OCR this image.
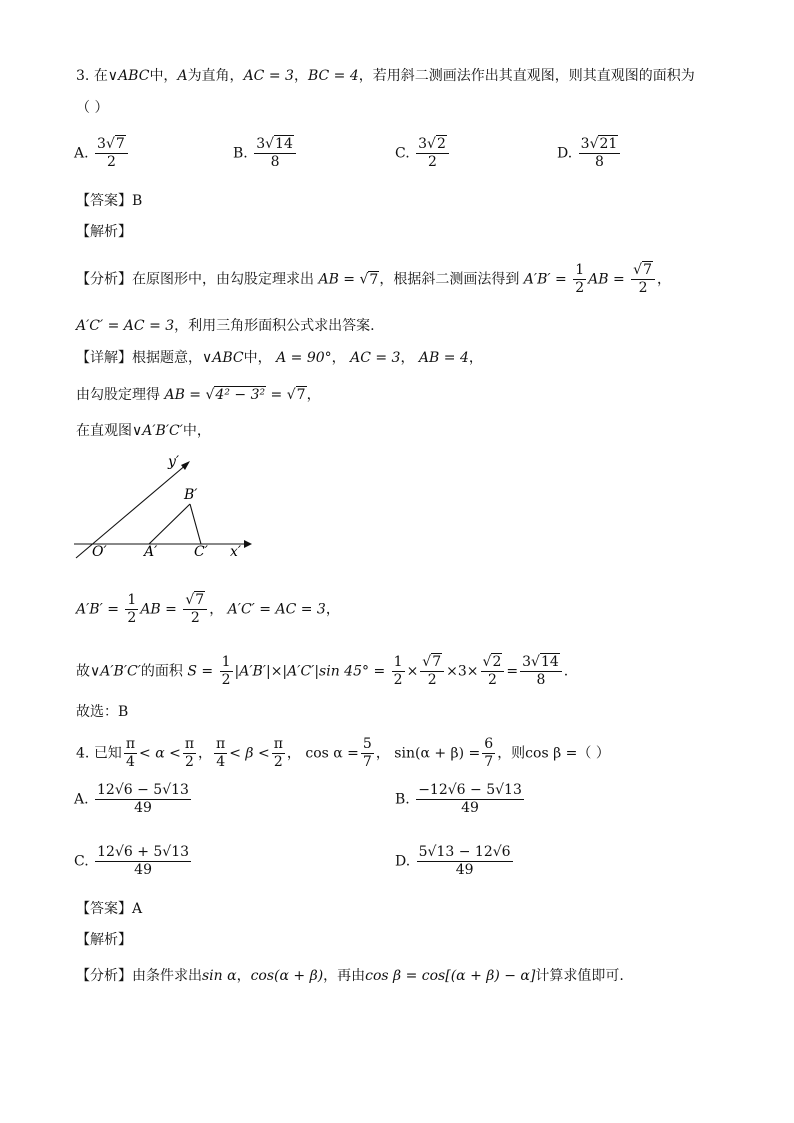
3. 在∨ABC中，A为直角，AC = 3，BC = 4，若用斜二测画法作出其直观图，则其直观图的面积为
（ ）
A. $\frac{3√7}{2}$	B. $\frac{3√14}{8}$	C. $\frac{3√2}{2}$	D. $\frac{3√21}{8}$
【答案】B
【解析】
【分析】在原图形中，由勾股定理求出 AB = √7，根据斜二测画法得到 $A'B' = \frac{1}{2}$ AB = $\frac{√7}{2}$ ，
A′C′ = AC = 3，利用三角形面积公式求出答案.
【详解】根据题意，∨ABC中， A = 90°， AC = 3， AB = 4，
由勾股定理得 AB = √4² − 3² = √7，
在直观图∨A′B′C′中，
y′
x′
O′	A′
B′
C′
$A'B' = \frac{1}{2}$ AB = $\frac{√7}{2}$ ， A′C′ = AC = 3，
故∨A′B′C′的面积 $S = \frac{1}{2} |A'B'|\times|A'C'|\sin$ $45^\circ = \frac{1}{2} \times \frac{√7}{2} \times 3\times \frac{√2}{2} = \frac{3√14}{8}$ .
故选：B
4. 已知 $\frac{\pi}{4} < \alpha < \frac{\pi}{2}$ ， $\frac{\pi}{4} < \beta < \frac{\pi}{2}$ ， $\cos \alpha = \frac{5}{7}$ ， $\sin(\alpha + \beta) = \frac{6}{7}$ ，则cos β =（ ）
A. $\frac{12√6 - 5√13}{49}$	B. $\frac{-12√6 - 5√13}{49}$
C. $\frac{12√6 + 5√13}{49}$	D. $\frac{5√13 - 12√6}{49}$
【答案】A
【解析】
【分析】由条件求出sin α，cos(α + β)，再由cos β = cos[(α + β) − α]计算求值即可.
